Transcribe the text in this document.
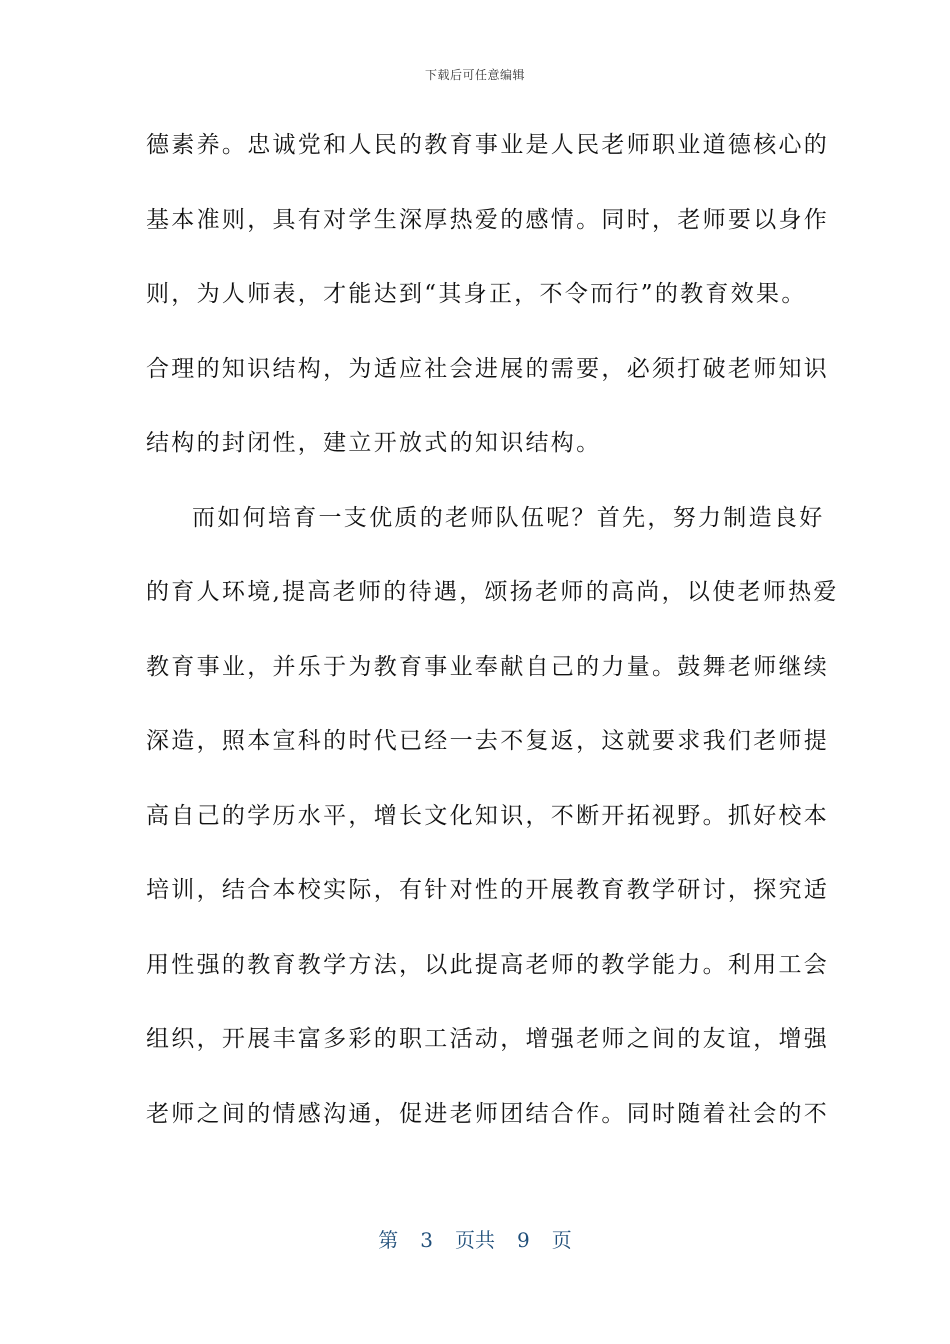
下载后可任意编辑
德素养。忠诚党和人民的教育事业是人民老师职业道德核心的
基本准则，具有对学生深厚热爱的感情。同时，老师要以身作
则，为人师表，才能达到“其身正，不令而行”的教育效果。
合理的知识结构，为适应社会进展的需要，必须打破老师知识
结构的封闭性，建立开放式的知识结构。
而如何培育一支优质的老师队伍呢？首先，努力制造良好
的育人环境,提高老师的待遇，颂扬老师的高尚，以使老师热爱
教育事业，并乐于为教育事业奉献自己的力量。鼓舞老师继续
深造，照本宣科的时代已经一去不复返，这就要求我们老师提
高自己的学历水平，增长文化知识，不断开拓视野。抓好校本
培训，结合本校实际，有针对性的开展教育教学研讨，探究适
用性强的教育教学方法，以此提高老师的教学能力。利用工会
组织，开展丰富多彩的职工活动，增强老师之间的友谊，增强
老师之间的情感沟通，促进老师团结合作。同时随着社会的不
第 3 页共 9 页
